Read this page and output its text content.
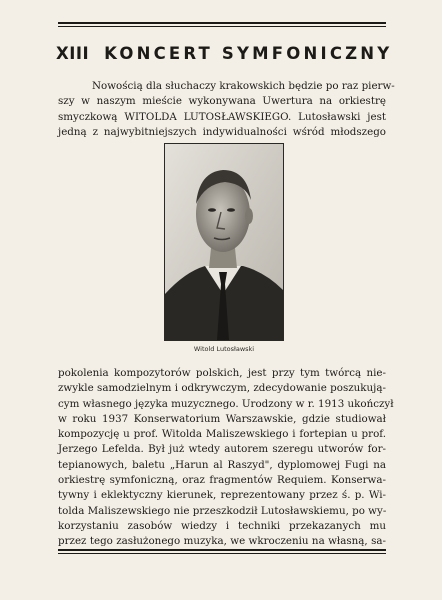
XIII KONCERT SYMFONICZNY
Nowością dla słuchaczy krakowskich będzie po raz pierw-
szy w naszym mieście wykonywana Uwertura na orkiestrę
smyczkową WITOLDA LUTOSŁAWSKIEGO. Lutosławski jest
jedną z najwybitniejszych indywidualności wśród młodszego
Witold Lutosławski
pokolenia kompozytorów polskich, jest przy tym twórcą nie-
zwykle samodzielnym i odkrywczym, zdecydowanie poszukują-
cym własnego języka muzycznego. Urodzony w r. 1913 ukończył
w roku 1937 Konserwatorium Warszawskie, gdzie studiował
kompozycję u prof. Witolda Maliszewskiego i fortepian u prof.
Jerzego Lefelda. Był już wtedy autorem szeregu utworów for-
tepianowych, baletu „Harun al Raszyd", dyplomowej Fugi na
orkiestrę symfoniczną, oraz fragmentów Requiem. Konserwa-
tywny i eklektyczny kierunek, reprezentowany przez ś. p. Wi-
tolda Maliszewskiego nie przeszkodził Lutosławskiemu, po wy-
korzystaniu zasobów wiedzy i techniki przekazanych mu
przez tego zasłużonego muzyka, we wkroczeniu na własną, sa-
